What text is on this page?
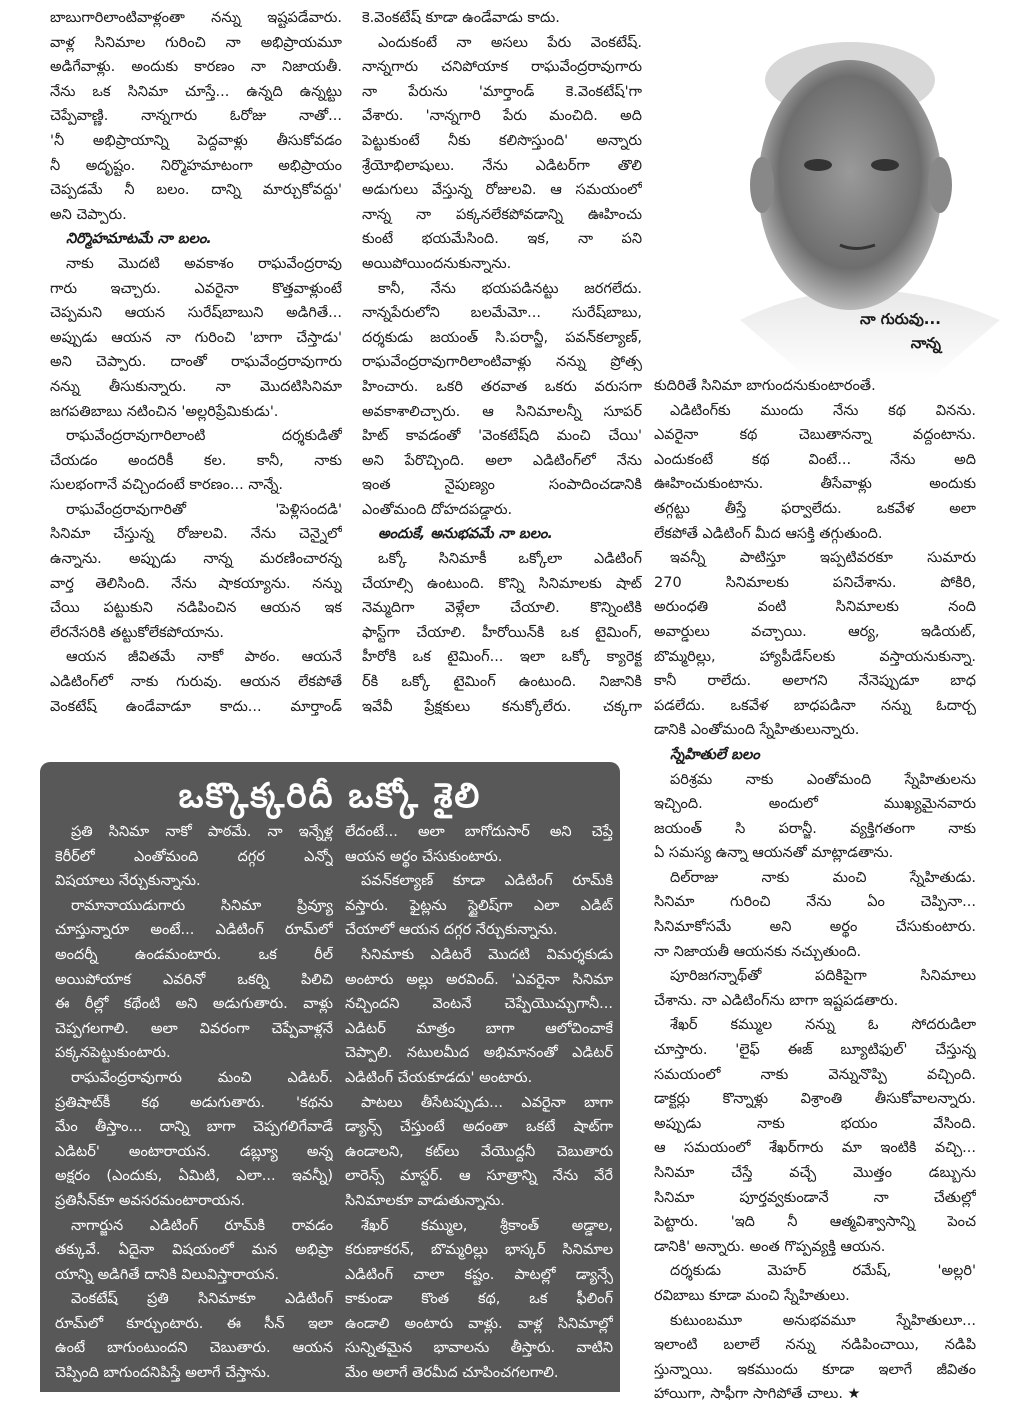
బాబుగారిలాంటివాళ్లంతా నన్ను ఇష్టపడేవారు.
వాళ్ల సినిమాల గురించి నా అభిప్రాయమూ
అడిగేవాళ్లు. అందుకు కారణం నా నిజాయతీ.
నేను ఒక సినిమా చూస్తే... ఉన్నది ఉన్నట్టు
చెప్పేవాణ్ణి. నాన్నగారు ఓరోజు నాతో...
'నీ అభిప్రాయాన్ని పెద్దవాళ్లు తీసుకోవడం
నీ అదృష్టం. నిర్మొహమాటంగా అభిప్రాయం
చెప్పడమే నీ బలం. దాన్ని మార్చుకోవద్దు'
అని చెప్పారు.
నిర్మొహమాటమే నా బలం.
నాకు మొదటి అవకాశం రాఘవేంద్రరావు
గారు ఇచ్చారు. ఎవరైనా కొత్తవాళ్లుంటే
చెప్పమని ఆయన సురేష్‌బాబుని అడిగితే...
అప్పుడు ఆయన నా గురించి 'బాగా చేస్తాడు'
అని చెప్పారు. దాంతో రాఘవేంద్రరావుగారు
నన్ను తీసుకున్నారు. నా మొదటిసినిమా
జగపతిబాబు నటించిన 'అల్లరిప్రేమికుడు'.
రాఘవేంద్రరావుగారిలాంటి దర్శకుడితో
చేయడం అందరికీ కల. కానీ, నాకు
సులభంగానే వచ్చిందంటే కారణం... నాన్నే.
రాఘవేంద్రరావుగారితో 'పెళ్లిసందడి'
సినిమా చేస్తున్న రోజులవి. నేను చెన్నైలో
ఉన్నాను. అప్పుడు నాన్న మరణించారన్న
వార్త తెలిసింది. నేను షాకయ్యాను. నన్ను
చేయి పట్టుకుని నడిపించిన ఆయన ఇక
లేరనేసరికి తట్టుకోలేకపోయాను.
ఆయన జీవితమే నాకో పాఠం. ఆయనే
ఎడిటింగ్‌లో నాకు గురువు. ఆయన లేకపోతే
వెంకటేష్ ఉండేవాడూ కాదు... మార్తాండ్
కె.వెంకటేష్ కూడా ఉండేవాడు కాదు.
ఎందుకంటే నా అసలు పేరు వెంకటేష్.
నాన్నగారు చనిపోయాక రాఘవేంద్రరావుగారు
నా పేరును 'మార్తాండ్ కె.వెంకటేష్'గా
వేశారు. 'నాన్నగారి పేరు మంచిది. అది
పెట్టుకుంటే నీకు కలిసొస్తుంది' అన్నారు
శ్రేయోభిలాషులు. నేను ఎడిటర్‌గా తొలి
అడుగులు వేస్తున్న రోజులవి. ఆ సమయంలో
నాన్న నా పక్కనలేకపోవడాన్ని ఊహించు
కుంటే భయమేసింది. ఇక, నా పని
అయిపోయిందనుకున్నాను.
కానీ, నేను భయపడినట్టు జరగలేదు.
నాన్నపేరులోని బలమేమో... సురేష్‌బాబు,
దర్శకుడు జయంత్ సి.పరాన్జీ, పవన్‌కల్యాణ్,
రాఘవేంద్రరావుగారిలాంటివాళ్లు నన్ను ప్రోత్స
హించారు. ఒకరి తరవాత ఒకరు వరుసగా
అవకాశాలిచ్చారు. ఆ సినిమాలన్నీ సూపర్
హిట్ కావడంతో 'వెంకటేష్‌ది మంచి చేయి'
అని పేరొచ్చింది. అలా ఎడిటింగ్‌లో నేను
ఇంత నైపుణ్యం సంపాదించడానికి
ఎంతోమంది దోహదపడ్డారు.
అందుకే, అనుభవమే నా బలం.
ఒక్కో సినిమాకీ ఒక్కోలా ఎడిటింగ్
చేయాల్సి ఉంటుంది. కొన్ని సినిమాలకు షాట్
నెమ్మదిగా వెళ్లేలా చేయాలి. కొన్నింటికి
ఫాస్ట్‌గా చేయాలి. హీరోయిన్‌కి ఒక టైమింగ్,
హీరోకి ఒక టైమింగ్... ఇలా ఒక్కో క్యారెక్ట
ర్‌కి ఒక్కో టైమింగ్ ఉంటుంది. నిజానికి
ఇవేవీ ప్రేక్షకులు కనుక్కోలేరు. చక్కగా
నా గురువు...
నాన్న
కుదిరితే సినిమా బాగుందనుకుంటారంతే.
ఎడిటింగ్‌కు ముందు నేను కథ వినను.
ఎవరైనా కథ చెబుతానన్నా వద్దంటాను.
ఎందుకంటే కథ వింటే... నేను అది
ఊహించుకుంటాను. తీసేవాళ్లు అందుకు
తగ్గట్టు తీస్తే ఫర్వాలేదు. ఒకవేళ అలా
లేకపోతే ఎడిటింగ్ మీద ఆసక్తి తగ్గుతుంది.
ఇవన్నీ పాటిస్తూ ఇప్పటివరకూ సుమారు
270 సినిమాలకు పనిచేశాను. పోకిరి,
అరుంధతి వంటి సినిమాలకు నంది
అవార్డులు వచ్చాయి. ఆర్య, ఇడియట్,
బొమ్మరిల్లు, హ్యాపీడేస్‌లకు వస్తాయనుకున్నా.
కానీ రాలేదు. అలాగని నేనెప్పుడూ బాధ
పడలేదు. ఒకవేళ బాధపడినా నన్ను ఓదార్చ
డానికి ఎంతోమంది స్నేహితులున్నారు.
స్నేహితులే బలం
పరిశ్రమ నాకు ఎంతోమంది స్నేహితులను
ఇచ్చింది. అందులో ముఖ్యమైనవారు
జయంత్ సి పరాన్జీ. వ్యక్తిగతంగా నాకు
ఏ సమస్య ఉన్నా ఆయనతో మాట్లాడతాను.
దిల్‌రాజు నాకు మంచి స్నేహితుడు.
సినిమా గురించి నేను ఏం చెప్పినా...
సినిమాకోసమే అని అర్థం చేసుకుంటారు.
నా నిజాయతీ ఆయనకు నచ్చుతుంది.
పూరిజగన్నాథ్‌తో పదికిపైగా సినిమాలు
చేశాను. నా ఎడిటింగ్‌ను బాగా ఇష్టపడతారు.
శేఖర్ కమ్ముల నన్ను ఓ సోదరుడిలా
చూస్తారు. 'లైఫ్ ఈజ్ బ్యూటిఫుల్' చేస్తున్న
సమయంలో నాకు వెన్నునొప్పి వచ్చింది.
డాక్టర్లు కొన్నాళ్లు విశ్రాంతి తీసుకోవాలన్నారు.
అప్పుడు నాకు భయం వేసింది.
ఆ సమయంలో శేఖర్‌గారు మా ఇంటికి వచ్చి...
సినిమా చేస్తే వచ్చే మొత్తం డబ్బును
సినిమా పూర్తవ్వకుండానే నా చేతుల్లో
పెట్టారు. 'ఇది నీ ఆత్మవిశ్వాసాన్ని పెంచ
డానికి' అన్నారు. అంత గొప్పవ్యక్తి ఆయన.
దర్శకుడు మెహర్ రమేష్, 'అల్లరి'
రవిబాబు కూడా మంచి స్నేహితులు.
కుటుంబమూ అనుభవమూ స్నేహితులూ...
ఇలాంటి బలాలే నన్ను నడిపించాయి, నడిపి
స్తున్నాయి. ఇకముందు కూడా ఇలాగే జీవితం
హాయిగా, సాఫీగా సాగిపోతే చాలు. ★
ఒక్కొక్కరిదీ ఒక్కో శైలి
ప్రతి సినిమా నాకో పాఠమే. నా ఇన్నేళ్ల
కెరీర్‌లో ఎంతోమంది దగ్గర ఎన్నో
విషయాలు నేర్చుకున్నాను.
రామానాయుడుగారు సినిమా ప్రివ్యూ
చూస్తున్నారూ అంటే... ఎడిటింగ్ రూమ్‌లో
అందర్నీ ఉండమంటారు. ఒక రీల్
అయిపోయాక ఎవరినో ఒకర్ని పిలిచి
ఈ రీల్లో కథేంటి అని అడుగుతారు. వాళ్లు
చెప్పగలగాలి. అలా వివరంగా చెప్పేవాళ్లనే
పక్కనపెట్టుకుంటారు.
రాఘవేంద్రరావుగారు మంచి ఎడిటర్.
ప్రతిషాట్‌కీ కథ అడుగుతారు. 'కథను
మేం తీస్తాం... దాన్ని బాగా చెప్పగలిగేవాడే
ఎడిటర్' అంటారాయన. డబ్ల్యూ అన్న
అక్షరం (ఎందుకు, ఏమిటి, ఎలా... ఇవన్నీ)
ప్రతిసీన్‌కూ అవసరమంటారాయన.
నాగార్జున ఎడిటింగ్ రూమ్‌కి రావడం
తక్కువే. ఏదైనా విషయంలో మన అభిప్రా
యాన్ని అడిగితే దానికి విలువిస్తారాయన.
వెంకటేష్ ప్రతి సినిమాకూ ఎడిటింగ్
రూమ్‌లో కూర్చుంటారు. ఈ సీన్ ఇలా
ఉంటే బాగుంటుందని చెబుతారు. ఆయన
చెప్పింది బాగుందనిపిస్తే అలాగే చేస్తాను.
లేదంటే... అలా బాగోదుసార్ అని చెప్తే
ఆయన అర్థం చేసుకుంటారు.
పవన్‌కల్యాణ్ కూడా ఎడిటింగ్ రూమ్‌కి
వస్తారు. ఫైట్లను స్టైలిష్‌గా ఎలా ఎడిట్
చేయాలో ఆయన దగ్గర నేర్చుకున్నాను.
సినిమాకు ఎడిటరే మొదటి విమర్శకుడు
అంటారు అల్లు అరవింద్. 'ఎవరైనా సినిమా
నచ్చిందని వెంటనే చెప్పేయొచ్చుగానీ...
ఎడిటర్ మాత్రం బాగా ఆలోచించాకే
చెప్పాలి. నటులమీద అభిమానంతో ఎడిటర్
ఎడిటింగ్ చేయకూడదు' అంటారు.
పాటలు తీసేటప్పుడు... ఎవరైనా బాగా
డ్యాన్స్ చేస్తుంటే అదంతా ఒకటే షాట్‌గా
ఉండాలని, కట్‌లు వేయొద్దనీ చెబుతారు
లారెన్స్ మాస్టర్. ఆ సూత్రాన్ని నేను వేరే
సినిమాలకూ వాడుతున్నాను.
శేఖర్ కమ్ముల, శ్రీకాంత్ అడ్డాల,
కరుణాకరన్, బొమ్మరిల్లు భాస్కర్ సినిమాల
ఎడిటింగ్ చాలా కష్టం. పాటల్లో డ్యాన్సే
కాకుండా కొంత కథ, ఒక ఫీలింగ్
ఉండాలి అంటారు వాళ్లు. వాళ్ల సినిమాల్లో
సున్నితమైన భావాలను తీస్తారు. వాటిని
మేం అలాగే తెరమీద చూపించగలగాలి.
